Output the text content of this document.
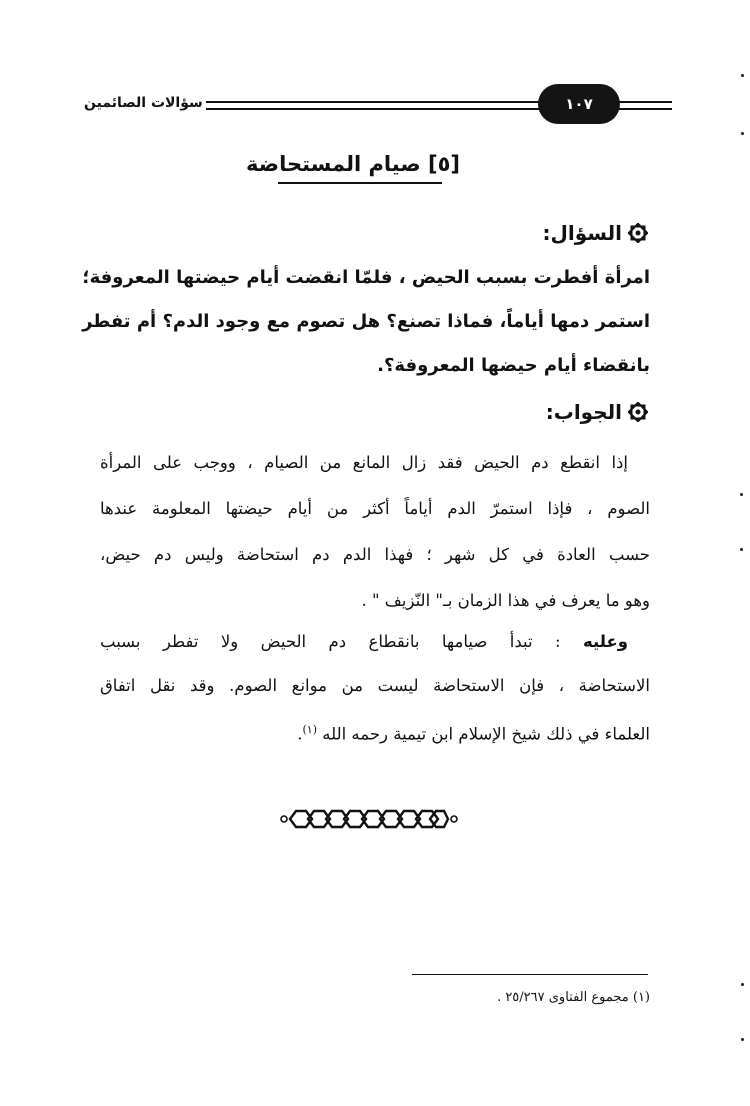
سؤالات الصائمين	١٠٧
[٥] صيام المستحاضة
السؤال:
امرأة أفطرت بسبب الحيض ، فلمّا انقضت أيام حيضتها المعروفة؛
استمر دمها أياماً، فماذا تصنع؟ هل تصوم مع وجود الدم؟ أم تفطر
بانقضاء أيام حيضها المعروفة؟.
الجواب:
إذا انقطع دم الحيض فقد زال المانع من الصيام ، ووجب على المرأة
الصوم ، فإذا استمرّ الدم أياماً أكثر من أيام حيضتها المعلومة عندها
حسب العادة في كل شهر ؛ فهذا الدم دم استحاضة وليس دم حيض،
وهو ما يعرف في هذا الزمان بـ" النّزيف " .
وعليه : تبدأ صيامها بانقطاع دم الحيض ولا تفطر بسبب
الاستحاضة ، فإن الاستحاضة ليست من موانع الصوم. وقد نقل اتفاق
العلماء في ذلك شيخ الإسلام ابن تيمية رحمه الله $^{(١)}$.
(١) مجموع الفتاوى ٢٥/٢٦٧ .
